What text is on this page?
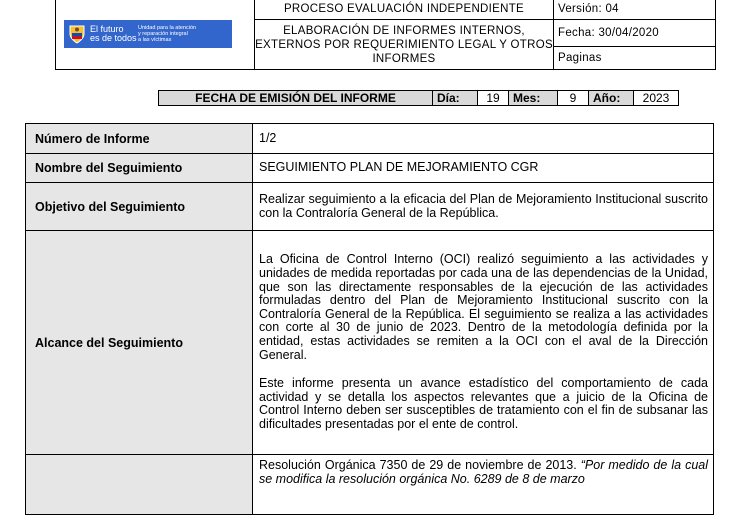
El futuro
es de todos
Unidad para la atención
y reparación integral
a las víctimas	PROCESO EVALUACIÓN INDEPENDIENTE	Versión: 04
	ELABORACIÓN DE INFORMES INTERNOS, EXTERNOS POR REQUERIMIENTO LEGAL Y OTROS INFORMES	Fecha: 30/04/2020
		Paginas
FECHA DE EMISIÓN DEL INFORME	Día:	19	Mes:	9	Año:	2023
Número de Informe	1/2
Nombre del Seguimiento	SEGUIMIENTO PLAN DE MEJORAMIENTO CGR
Objetivo del Seguimiento	Realizar seguimiento a la eficacia del Plan de Mejoramiento Institucional suscrito con la Contraloría General de la República.
Alcance del Seguimiento	La Oficina de Control Interno (OCI) realizó seguimiento a las actividades y unidades de medida reportadas por cada una de las dependencias de la Unidad, que son las directamente responsables de la ejecución de las actividades formuladas dentro del Plan de Mejoramiento Institucional suscrito con la Contraloría General de la República. El seguimiento se realiza a las actividades con corte al 30 de junio de 2023. Dentro de la metodología definida por la entidad, estas actividades se remiten a la OCI con el aval de la Dirección General.

Este informe presenta un avance estadístico del comportamiento de cada actividad y se detalla los aspectos relevantes que a juicio de la Oficina de Control Interno deben ser susceptibles de tratamiento con el fin de subsanar las dificultades presentadas por el ente de control.

	Resolución Orgánica 7350 de 29 de noviembre de 2013. “Por medido de la cual se modifica la resolución orgánica No. 6289 de 8 de marzo
